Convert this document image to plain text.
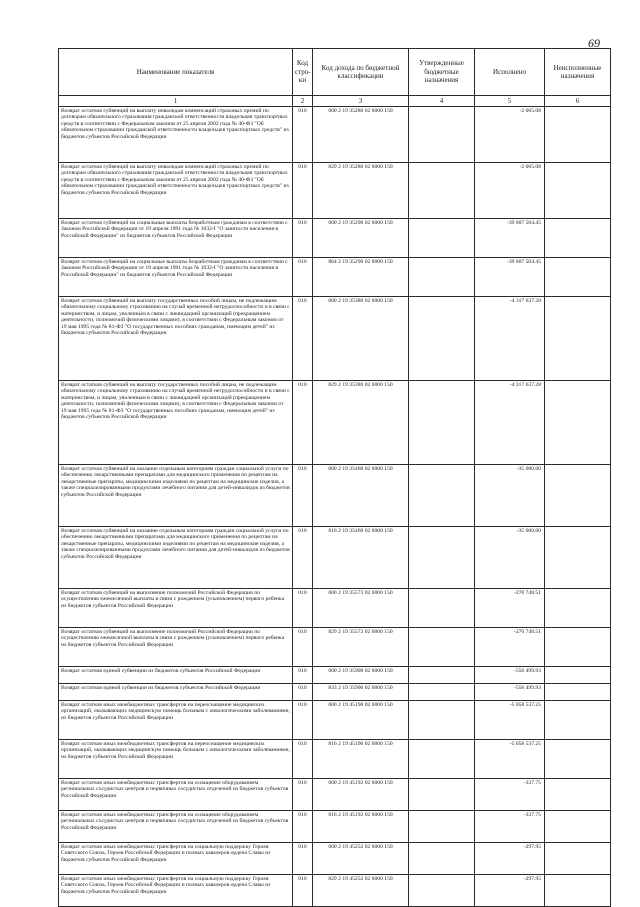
69
Наименование показателя	Код стро-ки	Код дохода по бюджетной классификации	Утвержденные бюджетные назначения	Исполнено	Неисполненные назначения
1	2	3	4	5	6
Возврат остатков субвенций на выплату инвалидам компенсаций страховых премий по договорам обязательного страхования гражданской ответственности владельцев транспортных средств в соответствии с Федеральным законом от 25 апреля 2002 года № 40-ФЗ "Об обязательном страховании гражданской ответственности владельцев транспортных средств" из бюджетов субъектов Российской Федерации	010	000 2 19 35280 02 0000 150		-2 065.08	
Возврат остатков субвенций на выплату инвалидам компенсаций страховых премий по договорам обязательного страхования гражданской ответственности владельцев транспортных средств в соответствии с Федеральным законом от 25 апреля 2002 года № 40-ФЗ "Об обязательном страховании гражданской ответственности владельцев транспортных средств" из бюджетов субъектов Российской Федерации	010	829 2 19 35280 02 0000 150		-2 065.08	
Возврат остатков субвенций на социальные выплаты безработным гражданам в соответствии с Законом Российской Федерации от 19 апреля 1991 года № 1032-I "О занятости населения в Российской Федерации" из бюджетов субъектов Российской Федерации	010	000 2 19 35290 02 0000 150		-39 807 504.45	
Возврат остатков субвенций на социальные выплаты безработным гражданам в соответствии с Законом Российской Федерации от 19 апреля 1991 года № 1032-I "О занятости населения в Российской Федерации" из бюджетов субъектов Российской Федерации	010	864 2 19 35290 02 0000 150		-39 807 504.45	
Возврат остатков субвенций на выплату государственных пособий лицам, не подлежащим обязательному социальному страхованию на случай временной нетрудоспособности и в связи с материнством, и лицам, уволенным в связи с ликвидацией организаций (прекращением деятельности, полномочий физическими лицами), в соответствии с Федеральным законом от 19 мая 1995 года № 81-ФЗ "О государственных пособиях гражданам, имеющим детей" из бюджетов субъектов Российской Федерации	010	000 2 19 35380 02 0000 150		-4 317 637.28	
Возврат остатков субвенций на выплату государственных пособий лицам, не подлежащим обязательному социальному страхованию на случай временной нетрудоспособности и в связи с материнством, и лицам, уволенным в связи с ликвидацией организаций (прекращением деятельности, полномочий физическими лицами), в соответствии с Федеральным законом от 19 мая 1995 года № 81-ФЗ "О государственных пособиях гражданам, имеющим детей" из бюджетов субъектов Российской Федерации	010	829 2 19 35380 02 0000 150		-4 317 637.28	
Возврат остатков субвенций на оказание отдельным категориям граждан социальной услуги по обеспечению лекарственными препаратами для медицинского применения по рецептам на лекарственные препараты, медицинскими изделиями по рецептам на медицинские изделия, а также специализированными продуктами лечебного питания для детей-инвалидов из бюджетов субъектов Российской Федерации	010	000 2 19 35460 02 0000 150		-35 000.00	
Возврат остатков субвенций на оказание отдельным категориям граждан социальной услуги по обеспечению лекарственными препаратами для медицинского применения по рецептам на лекарственные препараты, медицинскими изделиями по рецептам на медицинские изделия, а также специализированными продуктами лечебного питания для детей-инвалидов из бюджетов субъектов Российской Федерации	010	816 2 19 35460 02 0000 150		-35 000.00	
Возврат остатков субвенций на выполнение полномочий Российской Федерации по осуществлению ежемесячной выплаты в связи с рождением (усыновлением) первого ребенка из бюджетов субъектов Российской Федерации	010	000 2 19 35573 02 0000 150		-270 748.51	
Возврат остатков субвенций на выполнение полномочий Российской Федерации по осуществлению ежемесячной выплаты в связи с рождением (усыновлением) первого ребенка из бюджетов субъектов Российской Федерации	010	829 2 19 35573 02 0000 150		-270 748.51	
Возврат остатков единой субвенции из бюджетов субъектов Российской Федерации	010	000 2 19 35900 02 0000 150		-556 499.93	
Возврат остатков единой субвенции из бюджетов субъектов Российской Федерации	010	833 2 19 35900 02 0000 150		-556 499.93	
Возврат остатков иных межбюджетных трансфертов на переоснащение медицинских организаций, оказывающих медицинскую помощь больным с онкологическими заболеваниями, из бюджетов субъектов Российской Федерации	010	000 2 19 45190 02 0000 150		-5 058 537.25	
Возврат остатков иных межбюджетных трансфертов на переоснащение медицинских организаций, оказывающих медицинскую помощь больным с онкологическими заболеваниями, из бюджетов субъектов Российской Федерации	010	816 2 19 45190 02 0000 150		-5 058 537.25	
Возврат остатков иных межбюджетных трансфертов на оснащение оборудованием региональных сосудистых центров и первичных сосудистых отделений из бюджетов субъектов Российской Федерации	010	000 2 19 45192 02 0000 150		-337.75	
Возврат остатков иных межбюджетных трансфертов на оснащение оборудованием региональных сосудистых центров и первичных сосудистых отделений из бюджетов субъектов Российской Федерации	010	816 2 19 45192 02 0000 150		-337.75	
Возврат остатков иных межбюджетных трансфертов на социальную поддержку Героев Советского Союза, Героев Российской Федерации и полных кавалеров ордена Славы из бюджетов субъектов Российской Федерации	010	000 2 19 45252 02 0000 150		-297.95	
Возврат остатков иных межбюджетных трансфертов на социальную поддержку Героев Советского Союза, Героев Российской Федерации и полных кавалеров ордена Славы из бюджетов субъектов Российской Федерации	010	829 2 19 45252 02 0000 150		-297.95	
